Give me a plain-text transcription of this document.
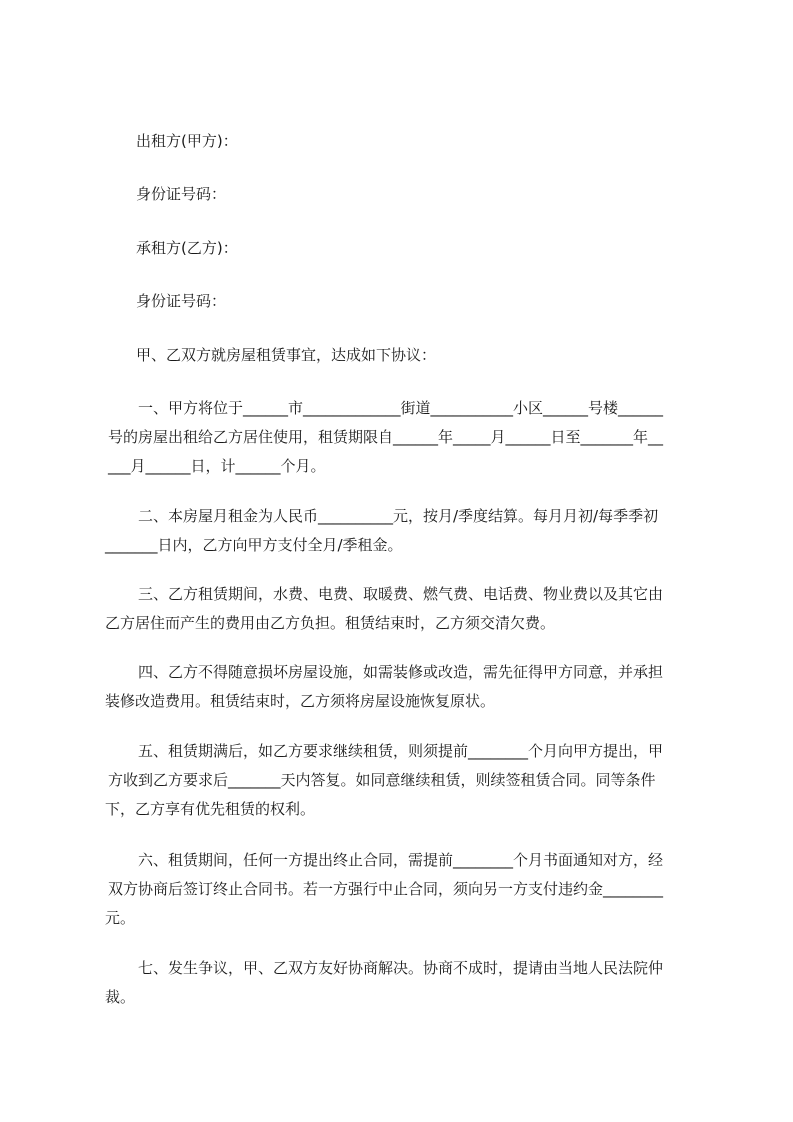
出租方(甲方)：

身份证号码：

承租方(乙方)：

身份证号码：

甲、乙双方就房屋租赁事宜，达成如下协议：

一、甲方将位于______市_____________街道___________小区______号楼______
号的房屋出租给乙方居住使用，租赁期限自______年_____月______日至_______年__
___月______日，计______个月。
二、本房屋月租金为人民币__________元，按月/季度结算。每月月初/每季季初
_______日内，乙方向甲方支付全月/季租金。
三、乙方租赁期间，水费、电费、取暖费、燃气费、电话费、物业费以及其它由
乙方居住而产生的费用由乙方负担。租赁结束时，乙方须交清欠费。
四、乙方不得随意损坏房屋设施，如需装修或改造，需先征得甲方同意，并承担
装修改造费用。租赁结束时，乙方须将房屋设施恢复原状。
五、租赁期满后，如乙方要求继续租赁，则须提前________个月向甲方提出，甲
方收到乙方要求后_______天内答复。如同意继续租赁，则续签租赁合同。同等条件
下，乙方享有优先租赁的权利。
六、租赁期间，任何一方提出终止合同，需提前________个月书面通知对方，经
双方协商后签订终止合同书。若一方强行中止合同，须向另一方支付违约金________
元。
七、发生争议，甲、乙双方友好协商解决。协商不成时，提请由当地人民法院仲
裁。
